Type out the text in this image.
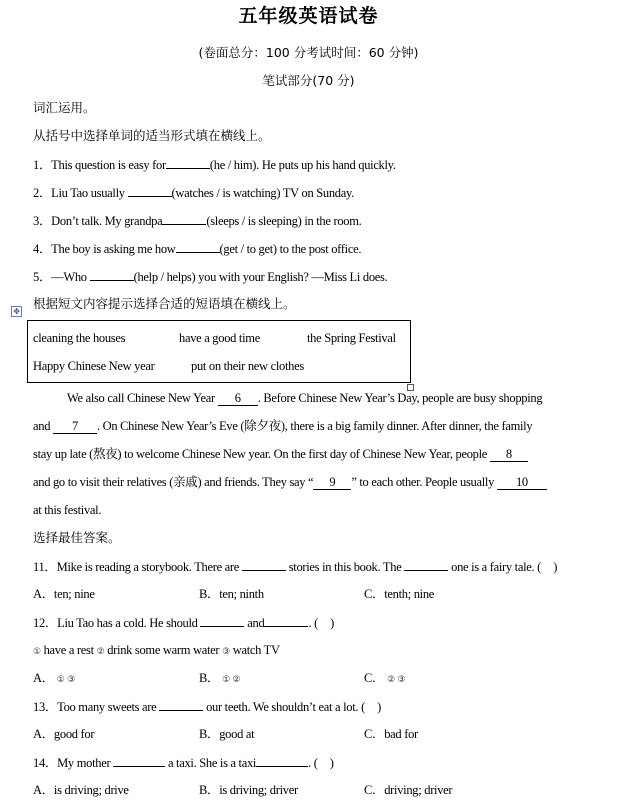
五年级英语试卷
(卷面总分：100 分考试时间：60 分钟)
笔试部分(70 分)
词汇运用。
从括号中选择单词的适当形式填在横线上。
1．This question is easy for	(he / him). He puts up his hand quickly.
2．Liu Tao usually	(watches / is watching) TV on Sunday.
3．Don’t talk. My grandpa	(sleeps / is sleeping) in the room.
4．The boy is asking me how	(get / to get) to the post office.
5．—Who	(help / helps) you with your English? —Miss Li does.
根据短文内容提示选择合适的短语填在横线上。
✥
cleaning the houses	have a good time	the Spring Festival
Happy Chinese New year	put on their new clothes
We also call Chinese New Year 6 . Before Chinese New Year’s Day, people are busy shopping
and 7 . On Chinese New Year’s Eve (除夕夜), there is a big family dinner. After dinner, the family
stay up late (熬夜) to welcome Chinese New year. On the first day of Chinese New Year, people 8
and go to visit their relatives (亲戚) and friends. They say “ 9 ” to each other. People usually 10
at this festival.
选择最佳答案。
11．Mike is reading a storybook. There are	stories in this book. The	one is a fairy tale. (　)
A．ten; nine	B．ten; ninth	C．tenth; nine
12．Liu Tao has a cold. He should	and	. (　)
① have a rest ② drink some warm water ③ watch TV
A． ① ③	B． ① ②	C． ② ③
13．Too many sweets are	our teeth. We shouldn’t eat a lot. (　)
A．good for	B．good at	C．bad for
14．My mother	a taxi. She is a taxi	. (　)
A．is driving; drive	B．is driving; driver	C．driving; driver
